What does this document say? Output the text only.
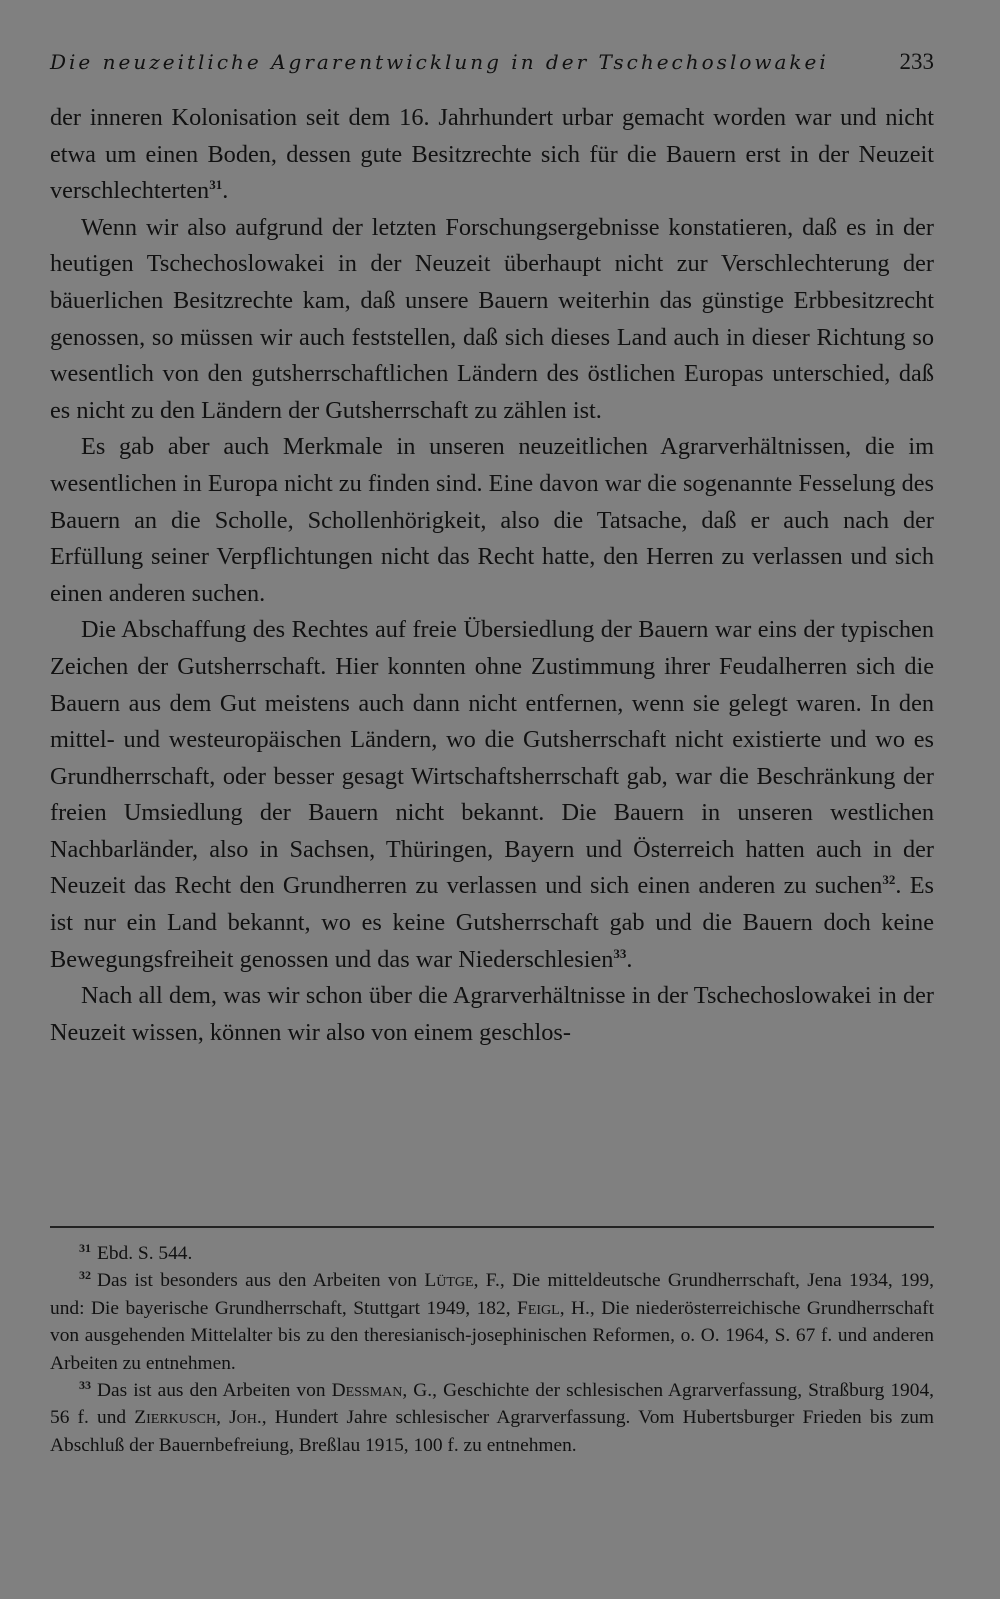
Die neuzeitliche Agrarentwicklung in der Tschechoslowakei	233

der inneren Kolonisation seit dem 16. Jahrhundert urbar gemacht worden war und nicht etwa um einen Boden, dessen gute Besitzrechte sich für die Bauern erst in der Neuzeit verschlechterten$^{31}$.

Wenn wir also aufgrund der letzten Forschungsergebnisse konstatieren, daß es in der heutigen Tschechoslowakei in der Neuzeit überhaupt nicht zur Verschlechterung der bäuerlichen Besitzrechte kam, daß unsere Bauern weiterhin das günstige Erbbesitzrecht genossen, so müssen wir auch feststellen, daß sich dieses Land auch in dieser Richtung so wesentlich von den gutsherrschaftlichen Ländern des östlichen Europas unterschied, daß es nicht zu den Ländern der Gutsherrschaft zu zählen ist.

Es gab aber auch Merkmale in unseren neuzeitlichen Agrarverhältnissen, die im wesentlichen in Europa nicht zu finden sind. Eine davon war die sogenannte Fesselung des Bauern an die Scholle, Schollenhörigkeit, also die Tatsache, daß er auch nach der Erfüllung seiner Verpflichtungen nicht das Recht hatte, den Herren zu verlassen und sich einen anderen suchen.

Die Abschaffung des Rechtes auf freie Übersiedlung der Bauern war eins der typischen Zeichen der Gutsherrschaft. Hier konnten ohne Zustimmung ihrer Feudalherren sich die Bauern aus dem Gut meistens auch dann nicht entfernen, wenn sie gelegt waren. In den mittel- und westeuropäischen Ländern, wo die Gutsherrschaft nicht existierte und wo es Grundherrschaft, oder besser gesagt Wirtschaftsherrschaft gab, war die Beschränkung der freien Umsiedlung der Bauern nicht bekannt. Die Bauern in unseren westlichen Nachbarländer, also in Sachsen, Thüringen, Bayern und Österreich hatten auch in der Neuzeit das Recht den Grundherren zu verlassen und sich einen anderen zu suchen$^{32}$. Es ist nur ein Land bekannt, wo es keine Gutsherrschaft gab und die Bauern doch keine Bewegungsfreiheit genossen und das war Niederschlesien$^{33}$.

Nach all dem, was wir schon über die Agrarverhältnisse in der Tschechoslowakei in der Neuzeit wissen, können wir also von einem geschlos-

$^{31}$ Ebd. S. 544.

$^{32}$ Das ist besonders aus den Arbeiten von Lütge, F., Die mitteldeutsche Grundherrschaft, Jena 1934, 199, und: Die bayerische Grundherrschaft, Stuttgart 1949, 182, Feigl, H., Die niederösterreichische Grundherrschaft von ausgehenden Mittelalter bis zu den theresianisch-josephinischen Reformen, o. O. 1964, S. 67 f. und anderen Arbeiten zu entnehmen.

$^{33}$ Das ist aus den Arbeiten von Dessman, G., Geschichte der schlesischen Agrarverfassung, Straßburg 1904, 56 f. und Zierkusch, Joh., Hundert Jahre schlesischer Agrarverfassung. Vom Hubertsburger Frieden bis zum Abschluß der Bauernbefreiung, Breßlau 1915, 100 f. zu entnehmen.
